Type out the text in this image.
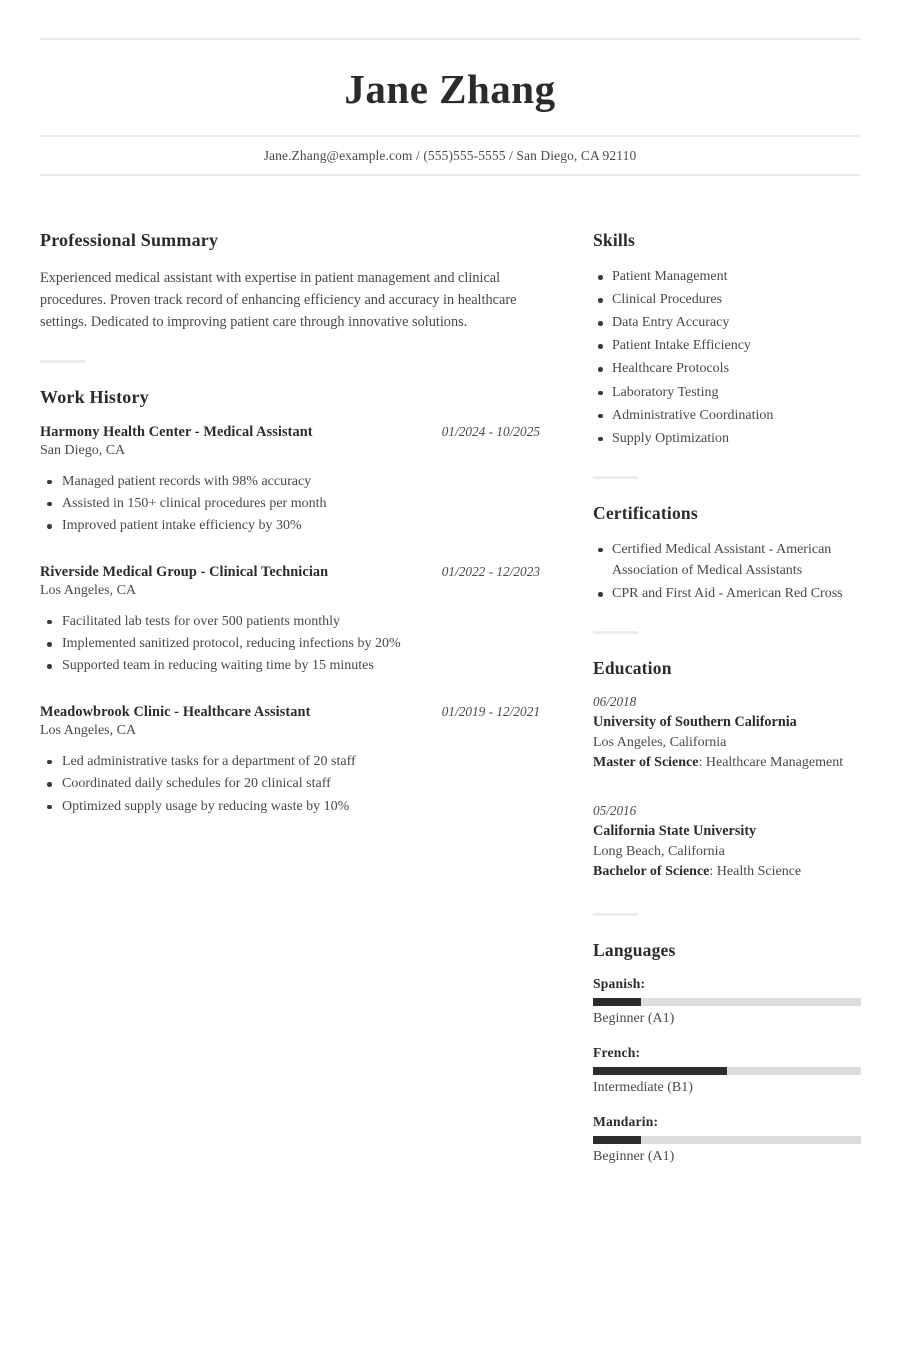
Jane Zhang
Jane.Zhang@example.com / (555)555-5555 / San Diego, CA 92110
Professional Summary

Experienced medical assistant with expertise in patient management and clinical procedures. Proven track record of enhancing efficiency and accuracy in healthcare settings. Dedicated to improving patient care through innovative solutions.

Work History
Harmony Health Center - Medical Assistant	01/2024 - 10/2025
San Diego, CA
Managed patient records with 98% accuracy
Assisted in 150+ clinical procedures per month
Improved patient intake efficiency by 30%
Riverside Medical Group - Clinical Technician	01/2022 - 12/2023
Los Angeles, CA
Facilitated lab tests for over 500 patients monthly
Implemented sanitized protocol, reducing infections by 20%
Supported team in reducing waiting time by 15 minutes
Meadowbrook Clinic - Healthcare Assistant	01/2019 - 12/2021
Los Angeles, CA
Led administrative tasks for a department of 20 staff
Coordinated daily schedules for 20 clinical staff
Optimized supply usage by reducing waste by 10%
Skills
Patient Management
Clinical Procedures
Data Entry Accuracy
Patient Intake Efficiency
Healthcare Protocols
Laboratory Testing
Administrative Coordination
Supply Optimization
Certifications
Certified Medical Assistant - American Association of Medical Assistants
CPR and First Aid - American Red Cross
Education
06/2018
University of Southern California
Los Angeles, California
Master of Science: Healthcare Management
05/2016
California State University
Long Beach, California
Bachelor of Science: Health Science
Languages
Spanish:
Beginner (A1)
French:
Intermediate (B1)
Mandarin:
Beginner (A1)
